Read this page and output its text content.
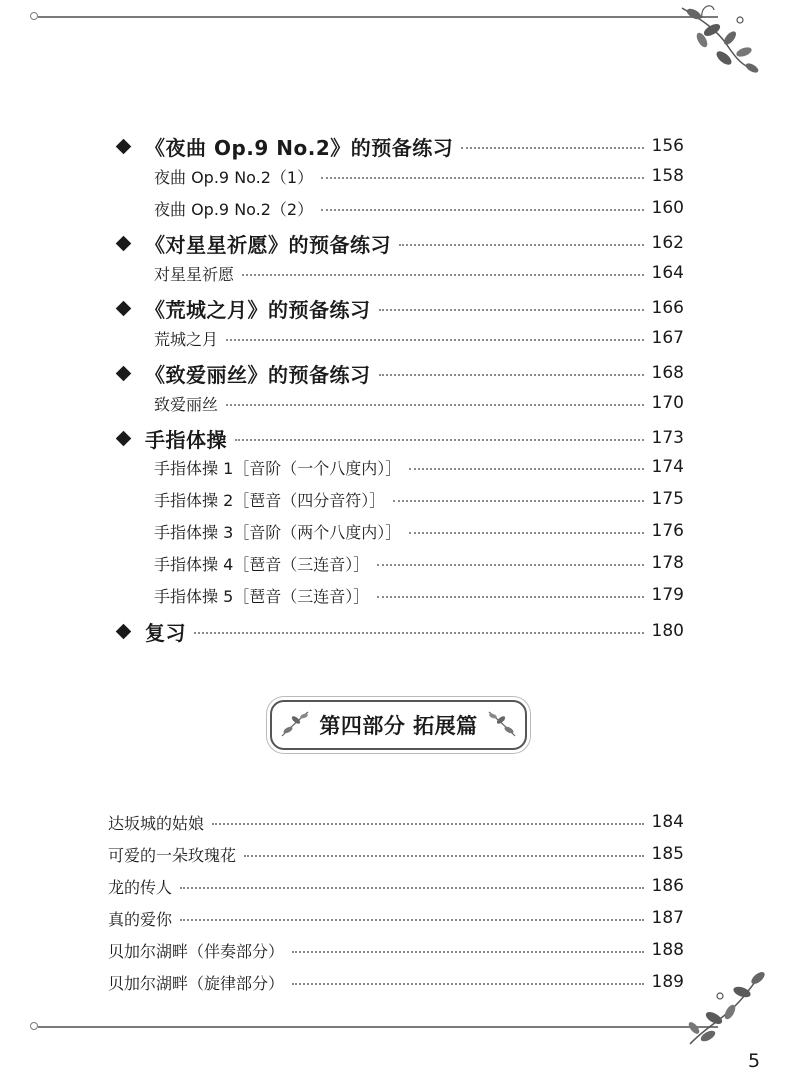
《夜曲 Op.9 No.2》的预备练习	156
夜曲 Op.9 No.2（1）	158
夜曲 Op.9 No.2（2）	160
《对星星祈愿》的预备练习	162
对星星祈愿	164
《荒城之月》的预备练习	166
荒城之月	167
《致爱丽丝》的预备练习	168
致爱丽丝	170
手指体操	173
手指体操 1［音阶（一个八度内）］	174
手指体操 2［琶音（四分音符）］	175
手指体操 3［音阶（两个八度内）］	176
手指体操 4［琶音（三连音）］	178
手指体操 5［琶音（三连音）］	179
复习	180
第四部分 拓展篇
达坂城的姑娘	184
可爱的一朵玫瑰花	185
龙的传人	186
真的爱你	187
贝加尔湖畔（伴奏部分）	188
贝加尔湖畔（旋律部分）	189
5
